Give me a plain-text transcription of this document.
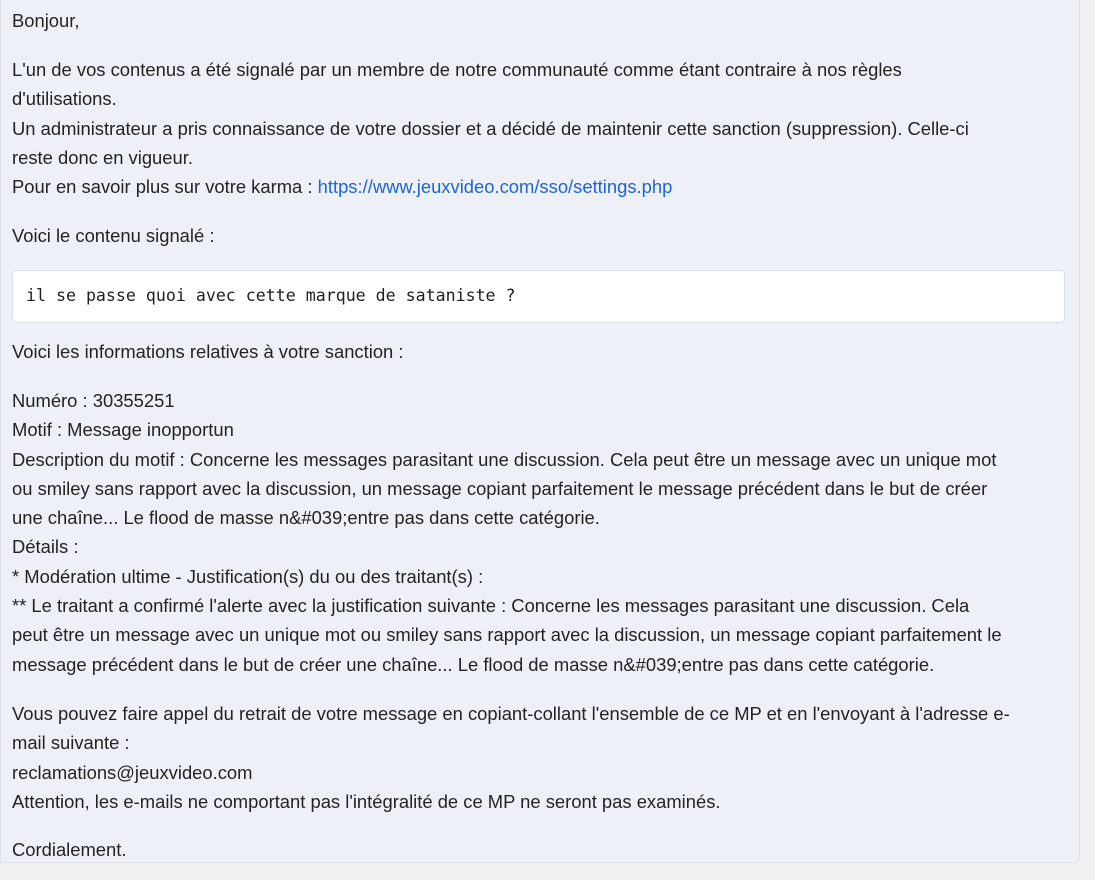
Bonjour,

L'un de vos contenus a été signalé par un membre de notre communauté comme étant contraire à nos règles
d'utilisations.
Un administrateur a pris connaissance de votre dossier et a décidé de maintenir cette sanction (suppression). Celle-ci
reste donc en vigueur.
Pour en savoir plus sur votre karma : https://www.jeuxvideo.com/sso/settings.php

Voici le contenu signalé :

Voici les informations relatives à votre sanction :

Numéro : 30355251
Motif : Message inopportun
Description du motif : Concerne les messages parasitant une discussion. Cela peut être un message avec un unique mot
ou smiley sans rapport avec la discussion, un message copiant parfaitement le message précédent dans le but de créer
une chaîne... Le flood de masse n&#039;entre pas dans cette catégorie.
Détails :
* Modération ultime - Justification(s) du ou des traitant(s) :
** Le traitant a confirmé l'alerte avec la justification suivante : Concerne les messages parasitant une discussion. Cela
peut être un message avec un unique mot ou smiley sans rapport avec la discussion, un message copiant parfaitement le
message précédent dans le but de créer une chaîne... Le flood de masse n&#039;entre pas dans cette catégorie.

Vous pouvez faire appel du retrait de votre message en copiant-collant l'ensemble de ce MP et en l'envoyant à l'adresse e-
mail suivante :
reclamations@jeuxvideo.com
Attention, les e-mails ne comportant pas l'intégralité de ce MP ne seront pas examinés.

Cordialement.

il se passe quoi avec cette marque de sataniste ?
